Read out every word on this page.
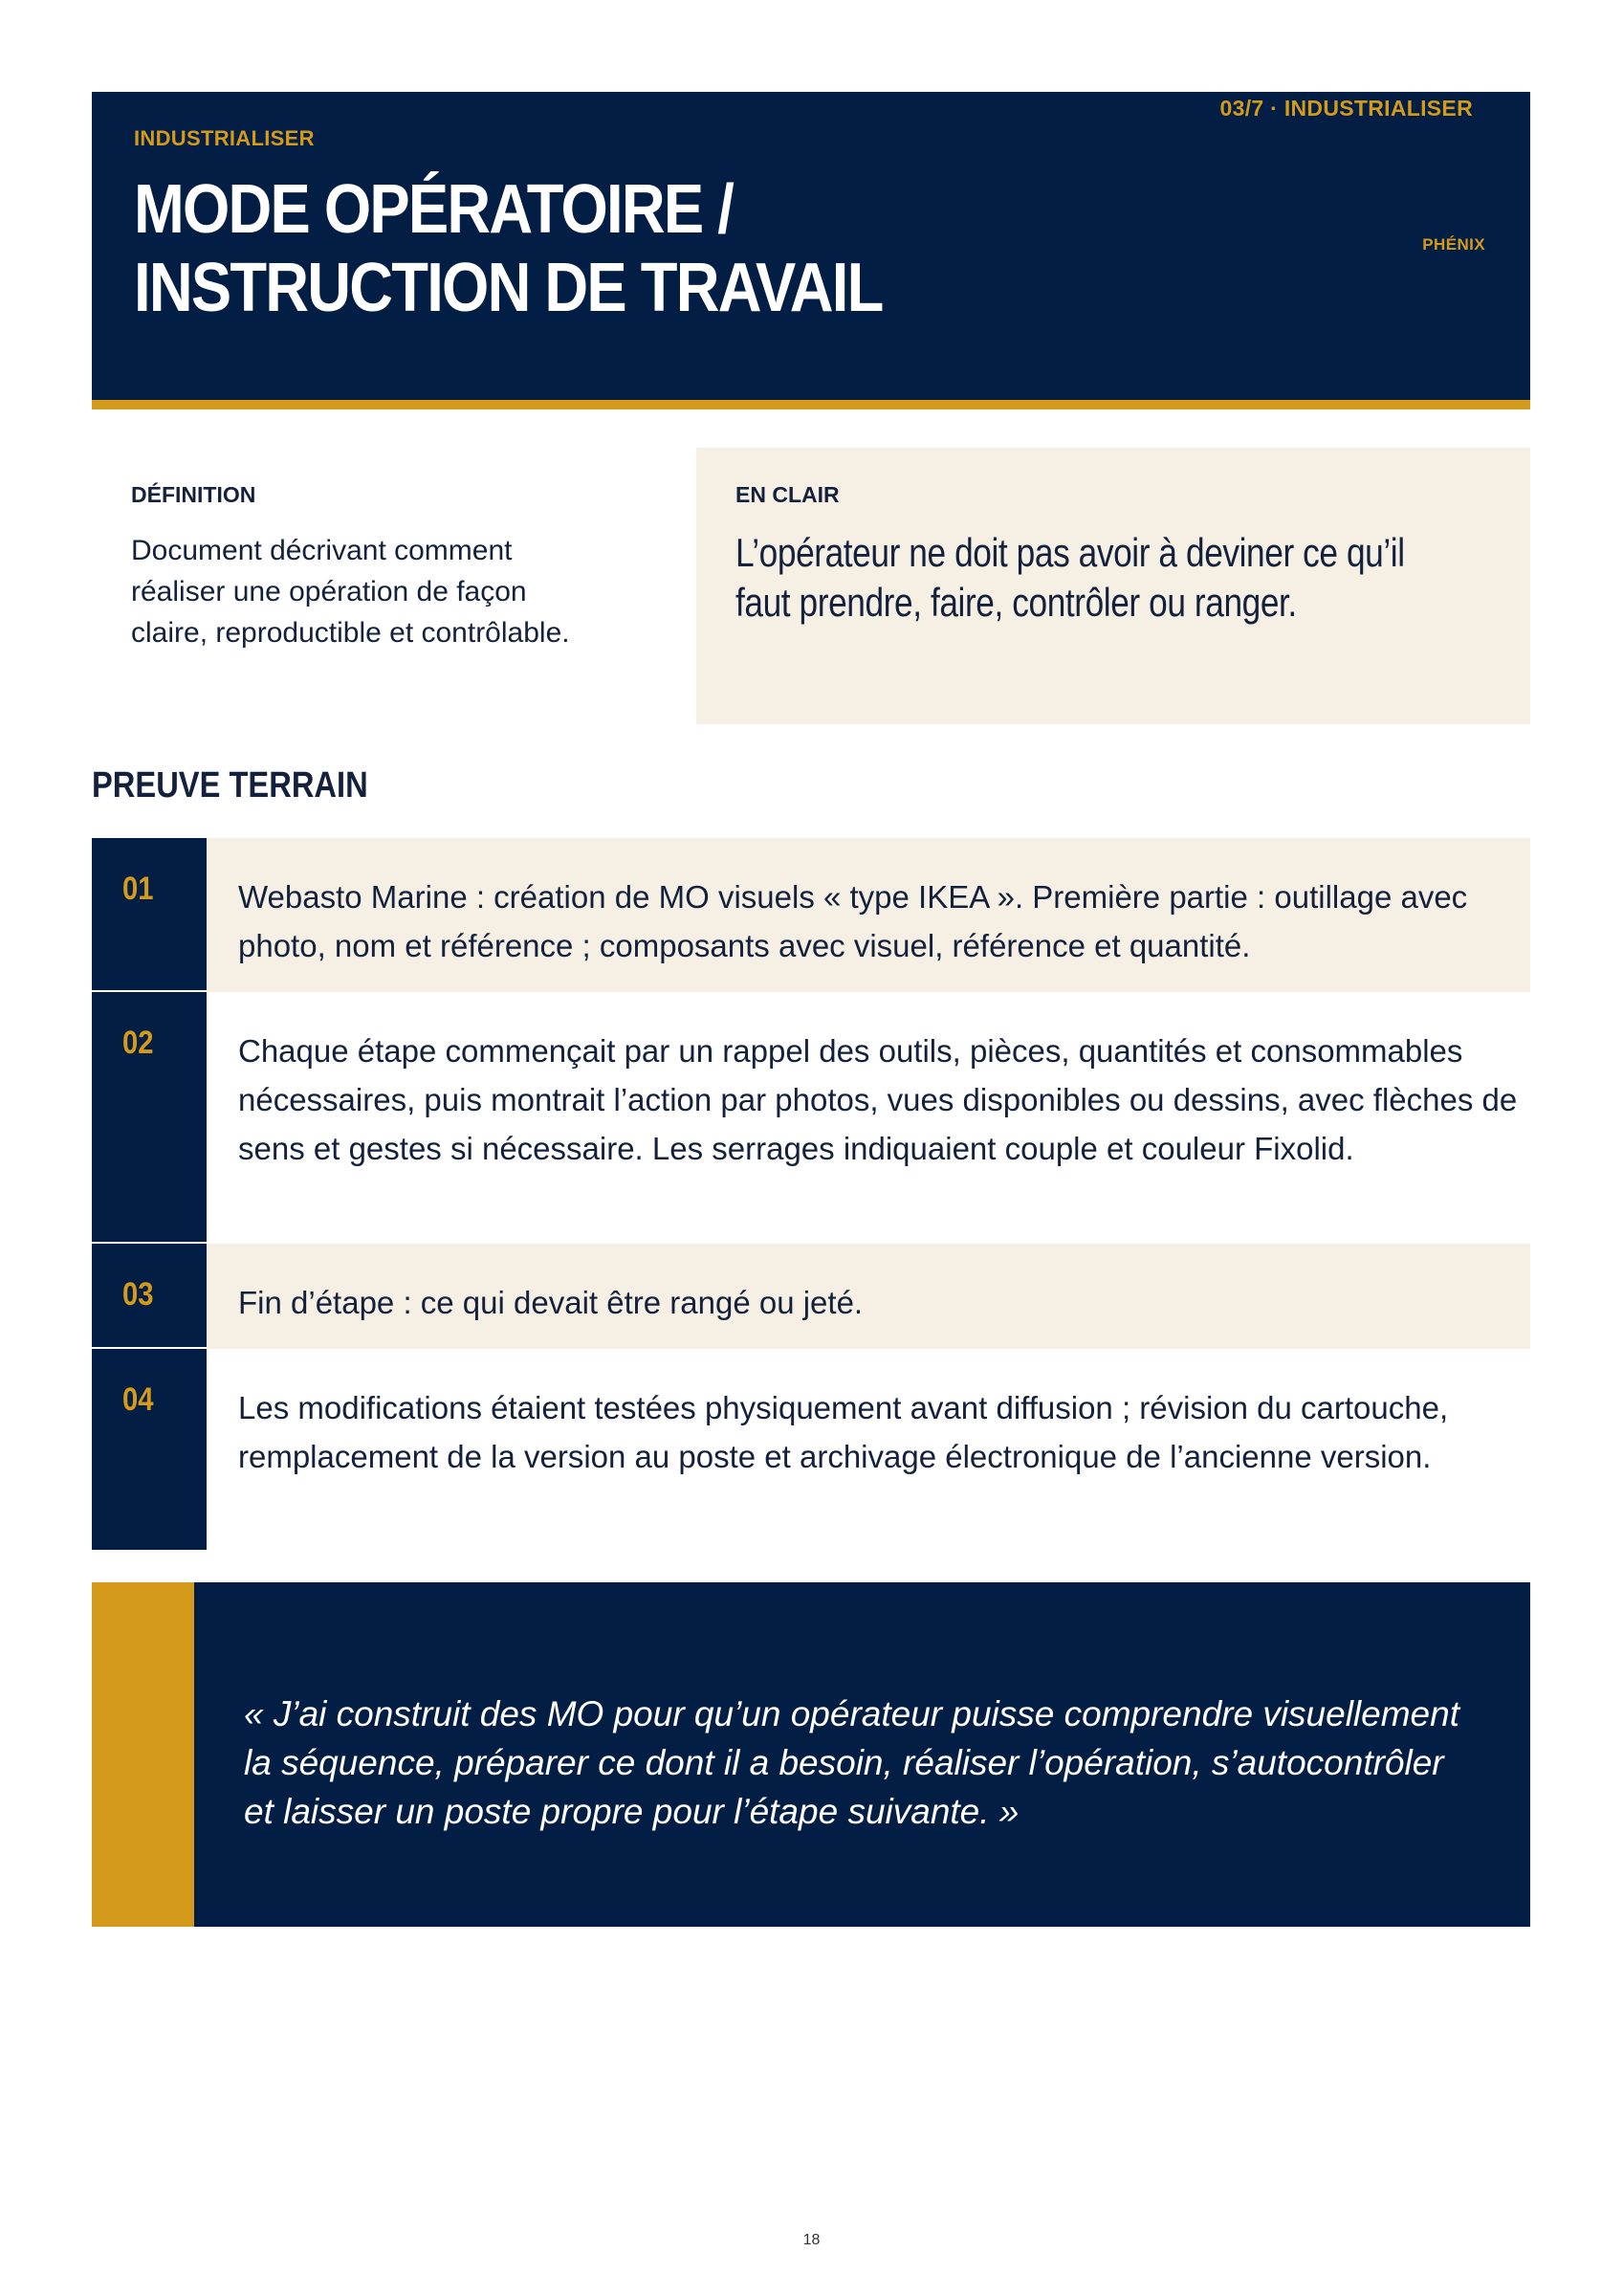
INDUSTRIALISER
03/7 · INDUSTRIALISER
PHÉNIX
MODE OPÉRATOIRE /
INSTRUCTION DE TRAVAIL
DÉFINITION

Document décrivant comment réaliser une opération de façon claire, reproductible et contrôlable.

EN CLAIR

L’opérateur ne doit pas avoir à deviner ce qu’il faut prendre, faire, contrôler ou ranger.

PREUVE TERRAIN
01	Webasto Marine : création de MO visuels « type IKEA ». Première partie : outillage avec photo, nom et référence ; composants avec visuel, référence et quantité.

02	Chaque étape commençait par un rappel des outils, pièces, quantités et consommables nécessaires, puis montrait l’action par photos, vues disponibles ou dessins, avec flèches de sens et gestes si nécessaire. Les serrages indiquaient couple et couleur Fixolid.

03	Fin d’étape : ce qui devait être rangé ou jeté.

04	Les modifications étaient testées physiquement avant diffusion ; révision du cartouche, remplacement de la version au poste et archivage électronique de l’ancienne version.

« J’ai construit des MO pour qu’un opérateur puisse comprendre visuellement
la séquence, préparer ce dont il a besoin, réaliser l’opération, s’autocontrôler
et laisser un poste propre pour l’étape suivante. »

18
